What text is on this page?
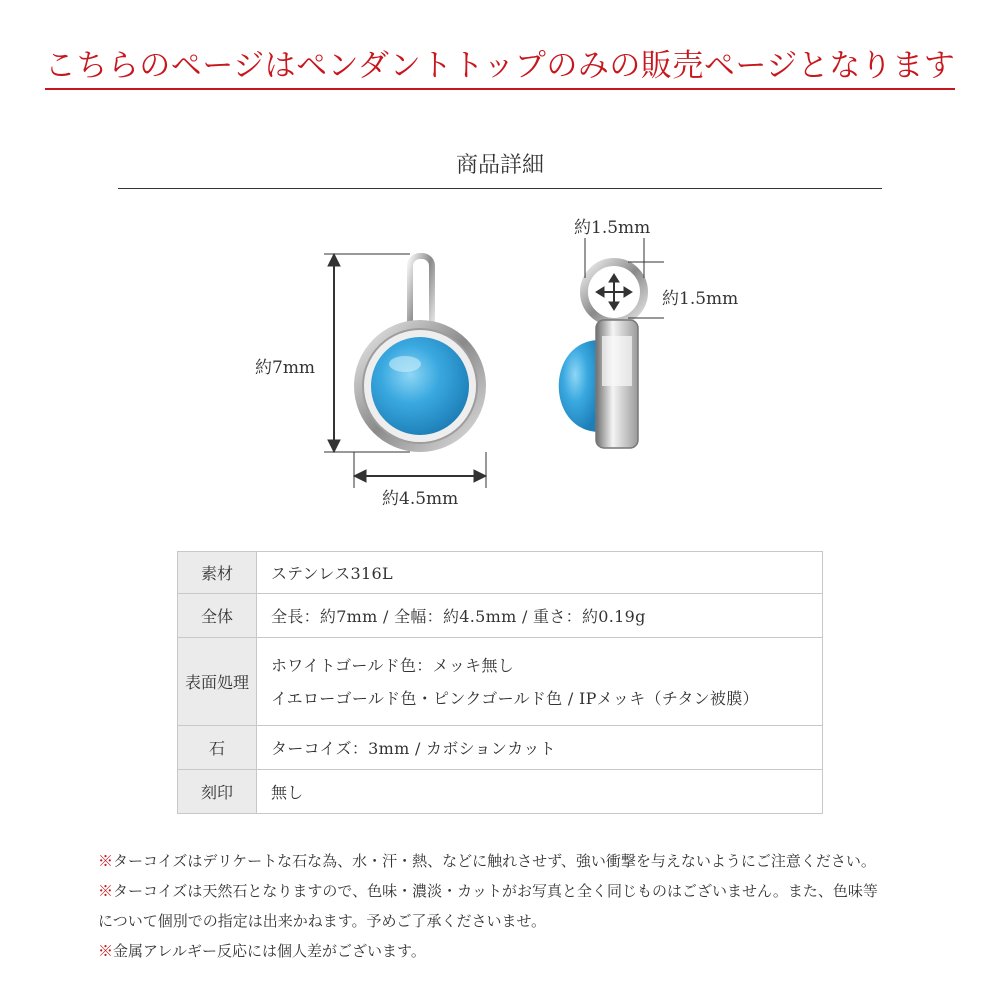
こちらのページはペンダントトップのみの販売ページとなります
商品詳細
約7mm
約4.5mm
約1.5mm
約1.5mm
素材	ステンレス316L
全体	全長：約7mm / 全幅：約4.5mm / 重さ：約0.19g
表面処理	ホワイトゴールド色：メッキ無し
イエローゴールド色・ピンクゴールド色 / IPメッキ（チタン被膜）

石	ターコイズ：3mm / カボションカット
刻印	無し
※ターコイズはデリケートな石な為、水・汗・熱、などに触れさせず、強い衝撃を与えないようにご注意ください。
※ターコイズは天然石となりますので、色味・濃淡・カットがお写真と全く同じものはございません。また、色味等
について個別での指定は出来かねます。予めご了承くださいませ。
※金属アレルギー反応には個人差がございます。
